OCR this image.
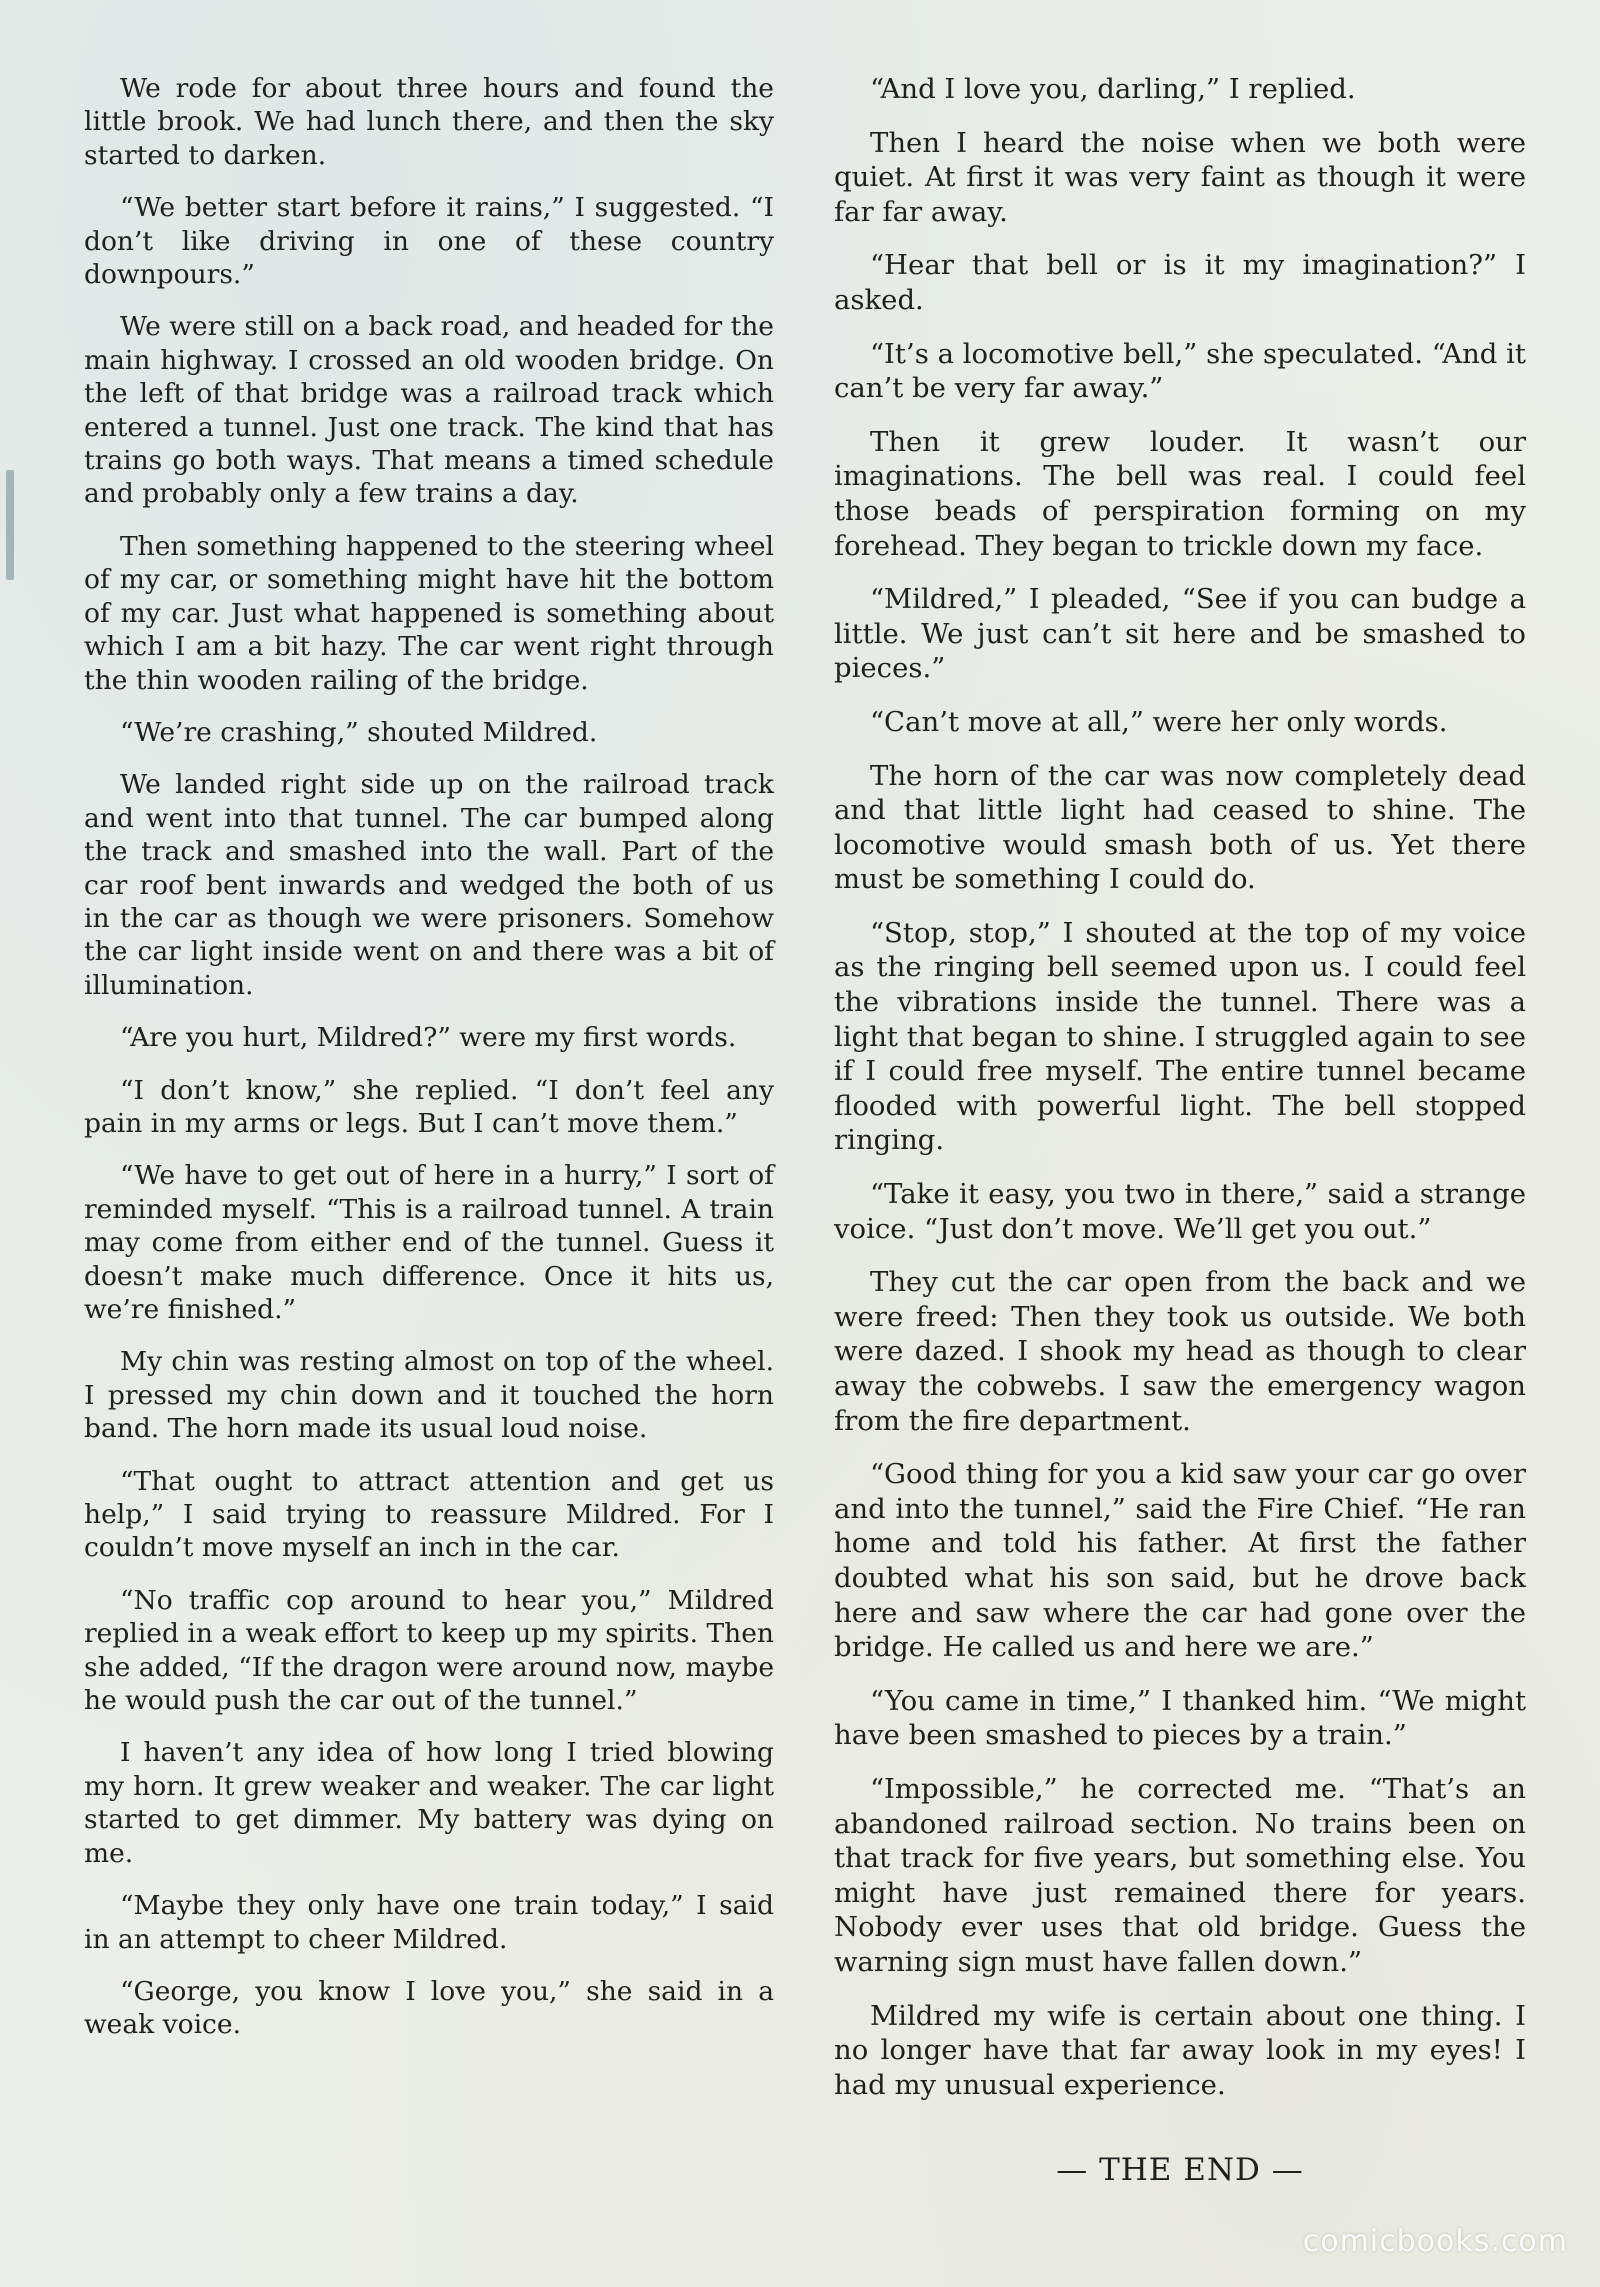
We rode for about three hours and found the little brook. We had lunch there, and then the sky started to darken.

“We better start before it rains,” I suggested. “I don’t like driving in one of these country downpours.”

We were still on a back road, and headed for the main highway. I crossed an old wooden bridge. On the left of that bridge was a railroad track which entered a tunnel. Just one track. The kind that has trains go both ways. That means a timed schedule and probably only a few trains a day.

Then something happened to the steering wheel of my car, or something might have hit the bottom of my car. Just what happened is something about which I am a bit hazy. The car went right through the thin wooden railing of the bridge.

“We’re crashing,” shouted Mildred.

We landed right side up on the railroad track and went into that tunnel. The car bumped along the track and smashed into the wall. Part of the car roof bent inwards and wedged the both of us in the car as though we were prisoners. Somehow the car light inside went on and there was a bit of illumination.

“Are you hurt, Mildred?” were my first words.

“I don’t know,” she replied. “I don’t feel any pain in my arms or legs. But I can’t move them.”

“We have to get out of here in a hurry,” I sort of reminded myself. “This is a railroad tunnel. A train may come from either end of the tunnel. Guess it doesn’t make much difference. Once it hits us, we’re finished.”

My chin was resting almost on top of the wheel. I pressed my chin down and it touched the horn band. The horn made its usual loud noise.

“That ought to attract attention and get us help,” I said trying to reassure Mildred. For I couldn’t move myself an inch in the car.

“No traffic cop around to hear you,” Mildred replied in a weak effort to keep up my spirits. Then she added, “If the dragon were around now, maybe he would push the car out of the tunnel.”

I haven’t any idea of how long I tried blowing my horn. It grew weaker and weaker. The car light started to get dimmer. My battery was dying on me.

“Maybe they only have one train today,” I said in an attempt to cheer Mildred.

“George, you know I love you,” she said in a weak voice.

“And I love you, darling,” I replied.

Then I heard the noise when we both were quiet. At first it was very faint as though it were far far away.

“Hear that bell or is it my imagination?” I asked.

“It’s a locomotive bell,” she speculated. “And it can’t be very far away.”

Then it grew louder. It wasn’t our imaginations. The bell was real. I could feel those beads of perspiration forming on my forehead. They began to trickle down my face.

“Mildred,” I pleaded, “See if you can budge a little. We just can’t sit here and be smashed to pieces.”

“Can’t move at all,” were her only words.

The horn of the car was now completely dead and that little light had ceased to shine. The locomotive would smash both of us. Yet there must be something I could do.

“Stop, stop,” I shouted at the top of my voice as the ringing bell seemed upon us. I could feel the vibrations inside the tunnel. There was a light that began to shine. I struggled again to see if I could free myself. The entire tunnel became flooded with powerful light. The bell stopped ringing.

“Take it easy, you two in there,” said a strange voice. “Just don’t move. We’ll get you out.”

They cut the car open from the back and we were freed: Then they took us outside. We both were dazed. I shook my head as though to clear away the cobwebs. I saw the emergency wagon from the fire department.

“Good thing for you a kid saw your car go over and into the tunnel,” said the Fire Chief. “He ran home and told his father. At first the father doubted what his son said, but he drove back here and saw where the car had gone over the bridge. He called us and here we are.”

“You came in time,” I thanked him. “We might have been smashed to pieces by a train.”

“Impossible,” he corrected me. “That’s an abandoned railroad section. No trains been on that track for five years, but something else. You might have just remained there for years. Nobody ever uses that old bridge. Guess the warning sign must have fallen down.”

Mildred my wife is certain about one thing. I no longer have that far away look in my eyes! I had my unusual experience.

— THE END —
comicbooks.com
